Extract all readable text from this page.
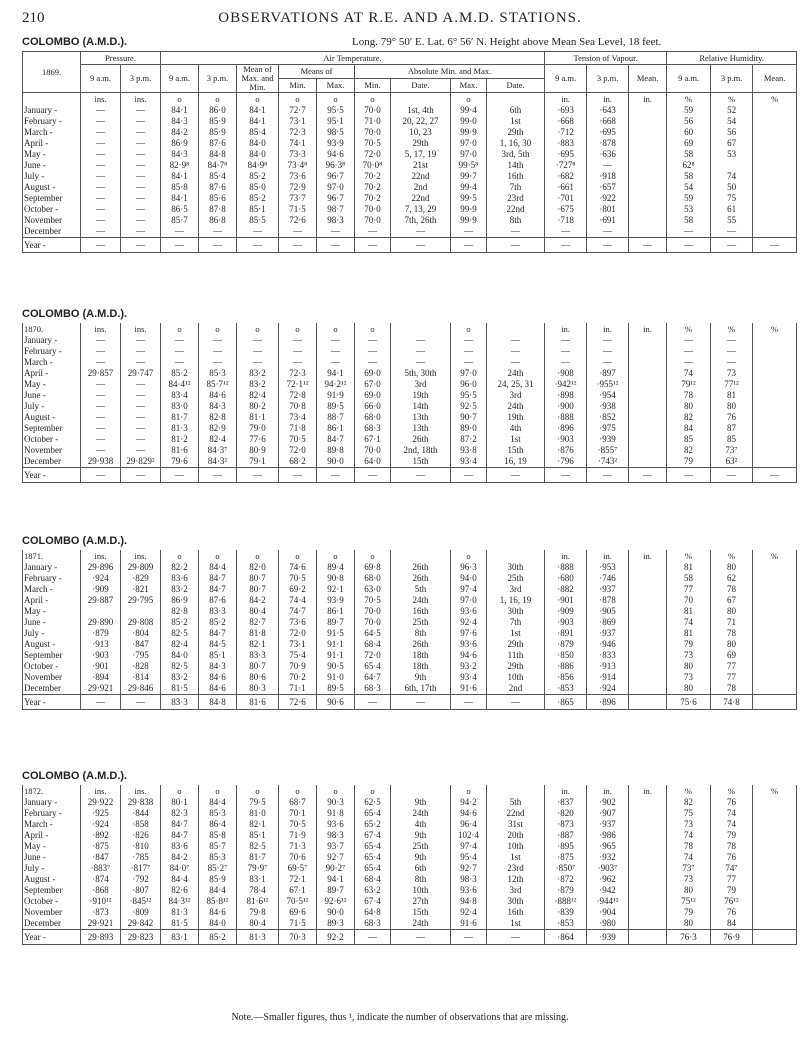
210	OBSERVATIONS AT R.E. AND A.M.D. STATIONS.
COLOMBO (A.M.D.).	Long. 79° 50′ E. Lat. 6° 56′ N. Height above Mean Sea Level, 18 feet.
1869.	Pressure.		Air Temperature.									Tension of Vapour.			Relative Humidity.		
	9 a.m.	3 p.m.	9 a.m.	3 p.m.	Mean of Max. and Min.	Means of		Absolute Min. and Max.				9 a.m.	3 p.m.	Mean.	9 a.m.	3 p.m.	Mean.
						Min.	Max.	Min.	Date.	Max.	Date.						
	ins.	ins.	o	o	o	o	o	o		o		in.	in.	in.	%	%	%
January -	—	—	84·1	86·0	84·1	72·7	95·5	70·0	1st, 4th	99·4	6th	·693	·643		59	52	
February -	—	—	84·3	85·9	84·1	73·1	95·1	71·0	20, 22, 27	99·0	1st	·668	·668		56	54	
March -	—	—	84·2	85·9	85·4	72·3	98·5	70·0	10, 23	99·9	29th	·712	·695		60	56	
April -	—	—	86·9	87·6	84·0	74·1	93·9	70·5	29th	97·0	1, 16, 30	·883	·878		69	67	
May -	—	—	84·3	84·8	84·0	73·3	94·6	72·0	5, 17, 19	97·0	3rd, 5th	·695	·636		58	53	
June -	—	—	82·9⁸	84·7⁸	84·9⁸	73·4⁸	96·3⁸	70·0⁸	21st	99·5⁸	14th	·727⁸	—		62⁸		
July -	—	—	84·1	85·4	85·2	73·6	96·7	70·2	22nd	99·7	16th	·682	·918		58	74	
August -	—	—	85·8	87·6	85·0	72·9	97·0	70·2	2nd	99·4	7th	·661	·657		54	50	
September	—	—	84·1	85·6	85·2	73·7	96·7	70·2	22nd	99·5	23rd	·701	·922		59	75	
October -	—	—	86·5	87·8	85·1	71·5	98·7	70·0	7, 13, 29	99·9	22nd	·675	·801		53	61	
November	—	—	85·7	86·8	85·5	72·6	98·3	70·0	7th, 26th	99·9	8th	·718	·691		58	55	
December	—	—	—	—	—	—	—	—	—	—	—	—	—		—	—	
Year -	—	—	—	—	—	—	—	—	—	—	—	—	—	—	—	—	—
COLOMBO (A.M.D.).
1870.	ins.	ins.	o	o	o	o	o	o		o		in.	in.	in.	%	%	%
January -	—	—	—	—	—	—	—	—	—	—	—	—	—		—	—	
February -	—	—	—	—	—	—	—	—	—	—	—	—	—		—	—	
March -	—	—	—	—	—	—	—	—	—	—	—	—	—		—	—	
April -	29·857	29·747	85·2	85·3	83·2	72·3	94·1	69·0	5th, 30th	97·0	24th	·908	·897		74	73	
May -	—	—	84·4¹²	85·7¹²	83·2	72·1¹²	94·2¹²	67·0	3rd	96·0	24, 25, 31	·942¹²	·955¹²		79¹²	77¹²	
June -	—	—	83·4	84·6	82·4	72·8	91·9	69·0	19th	95·5	3rd	·898	·954		78	81	
July -	—	—	83·0	84·3	80·2	70·8	89·5	66·0	14th	92·5	24th	·900	·938		80	80	
August -	—	—	81·7	82·8	81·1	73·4	88·7	68·0	13th	90·7	19th	·888	·852		82	76	
September	—	—	81·3	82·9	79·0	71·8	86·1	68·3	13th	89·0	4th	·896	·975		84	87	
October -	—	—	81·2	82·4	77·6	70·5	84·7	67·1	26th	87·2	1st	·903	·939		85	85	
November	—	—	81·6	84·3⁷	80·9	72·0	89·8	70·0	2nd, 18th	93·8	15th	·876	·855⁷		82	73⁷	
December	29·938	29·829²	79·6	84·3²	79·1	68·2	90·0	64·0	15th	93·4	16, 19	·796	·743²		79	63²	
Year -	—	—	—	—	—	—	—	—	—	—	—	—	—	—	—	—	—
COLOMBO (A.M.D.).
1871.	ins.	ins.	o	o	o	o	o	o		o		in.	in.	in.	%	%	%
January -	29·896	29·809	82·2	84·4	82·0	74·6	89·4	69·8	26th	96·3	30th	·888	·953		81	80	
February -	·924	·829	83·6	84·7	80·7	70·5	90·8	68·0	26th	94·0	25th	·680	·746		58	62	
March -	·909	·821	83·2	84·7	80·7	69·2	92·1	63·0	5th	97·4	3rd	·882	·937		77	78	
April -	29·887	29·795	86·9	87·6	84·2	74·4	93·9	70·5	24th	97·0	1, 16, 19	·901	·878		70	67	
May -			82·8	83·3	80·4	74·7	86·1	70·0	16th	93·6	30th	·909	·905		81	80	
June -	29·890	29·808	85·2	85·2	82·7	73·6	89·7	70·0	25th	92·4	7th	·903	·869		74	71	
July -	·879	·804	82·5	84·7	81·8	72·0	91·5	64·5	8th	97·6	1st	·891	·937		81	78	
August -	·913	·847	82·4	84·5	82·1	73·1	91·1	68·4	26th	93·6	29th	·879	·946		79	80	
September	·903	·795	84·0	85·1	83·3	75·4	91·1	72·0	18th	94·6	11th	·850	·833		73	69	
October -	·901	·828	82·5	84·3	80·7	70·9	90·5	65·4	18th	93·2	29th	·886	·913		80	77	
November	·894	·814	83·2	84·6	80·6	70·2	91·0	64·7	9th	93·4	10th	·856	·914		73	77	
December	29·921	29·846	81·5	84·6	80·3	71·1	89·5	68·3	6th, 17th	91·6	2nd	·853	·924		80	78	
Year -	—	—	83·3	84·8	81·6	72·6	90·6	—	—	—	—	·865	·896		75·6	74·8	
COLOMBO (A.M.D.).
1872.	ins.	ins.	o	o	o	o	o	o		o		in.	in.	in.	%	%	%
January -	29·922	29·838	80·1	84·4	79·5	68·7	90·3	62·5	9th	94·2	5th	·837	·902		82	76	
February -	·925	·844	82·3	85·3	81·0	70·1	91·8	65·4	24th	94·6	22nd	·820	·907		75	74	
March -	·924	·858	84·7	86·4	82·1	70·5	93·6	65·2	4th	96·4	31st	·873	·937		73	74	
April -	·892	·826	84·7	85·8	85·1	71·9	98·3	67·4	9th	102·4	20th	·887	·986		74	79	
May -	·875	·810	83·6	85·7	82·5	71·3	93·7	65·4	25th	97·4	10th	·895	·965		78	78	
June -	·847	·785	84·2	85·3	81·7	70·6	92·7	65·4	9th	95·4	1st	·875	·932		74	76	
July -	·883⁷	·817⁷	84·0⁷	85·2⁷	79·9⁷	69·5⁷	90·2⁷	65·4	6th	92·7	23rd	·850⁷	·903⁷		73⁷	74⁷	
August -	·874	·792	84·4	85·9	83·1	72·1	94·1	68·4	8th	98·3	12th	·872	·962		73	77	
September	·868	·807	82·6	84·4	78·4	67·1	89·7	63·2	10th	93·6	3rd	·879	·942		80	79	
October -	·910¹²	·845¹²	84·3¹²	85·8¹²	81·6¹²	70·5¹²	92·6¹²	67·4	27th	94·8	30th	·888¹²	·944¹²		75¹²	76¹²	
November	·873	·809	81·3	84·6	79·8	69·6	90·0	64·8	15th	92·4	16th	·839	·904		79	76	
December	29·921	29·842	81·5	84·0	80·4	71·5	89·3	68·3	24th	91·6	1st	·853	·980		80	84	
Year -	29·893	29·823	83·1	85·2	81·3	70·3	92·2	—	—	—	—	·864	·939		76·3	76·9	
Note.—Smaller figures, thus ¹, indicate the number of observations that are missing.
